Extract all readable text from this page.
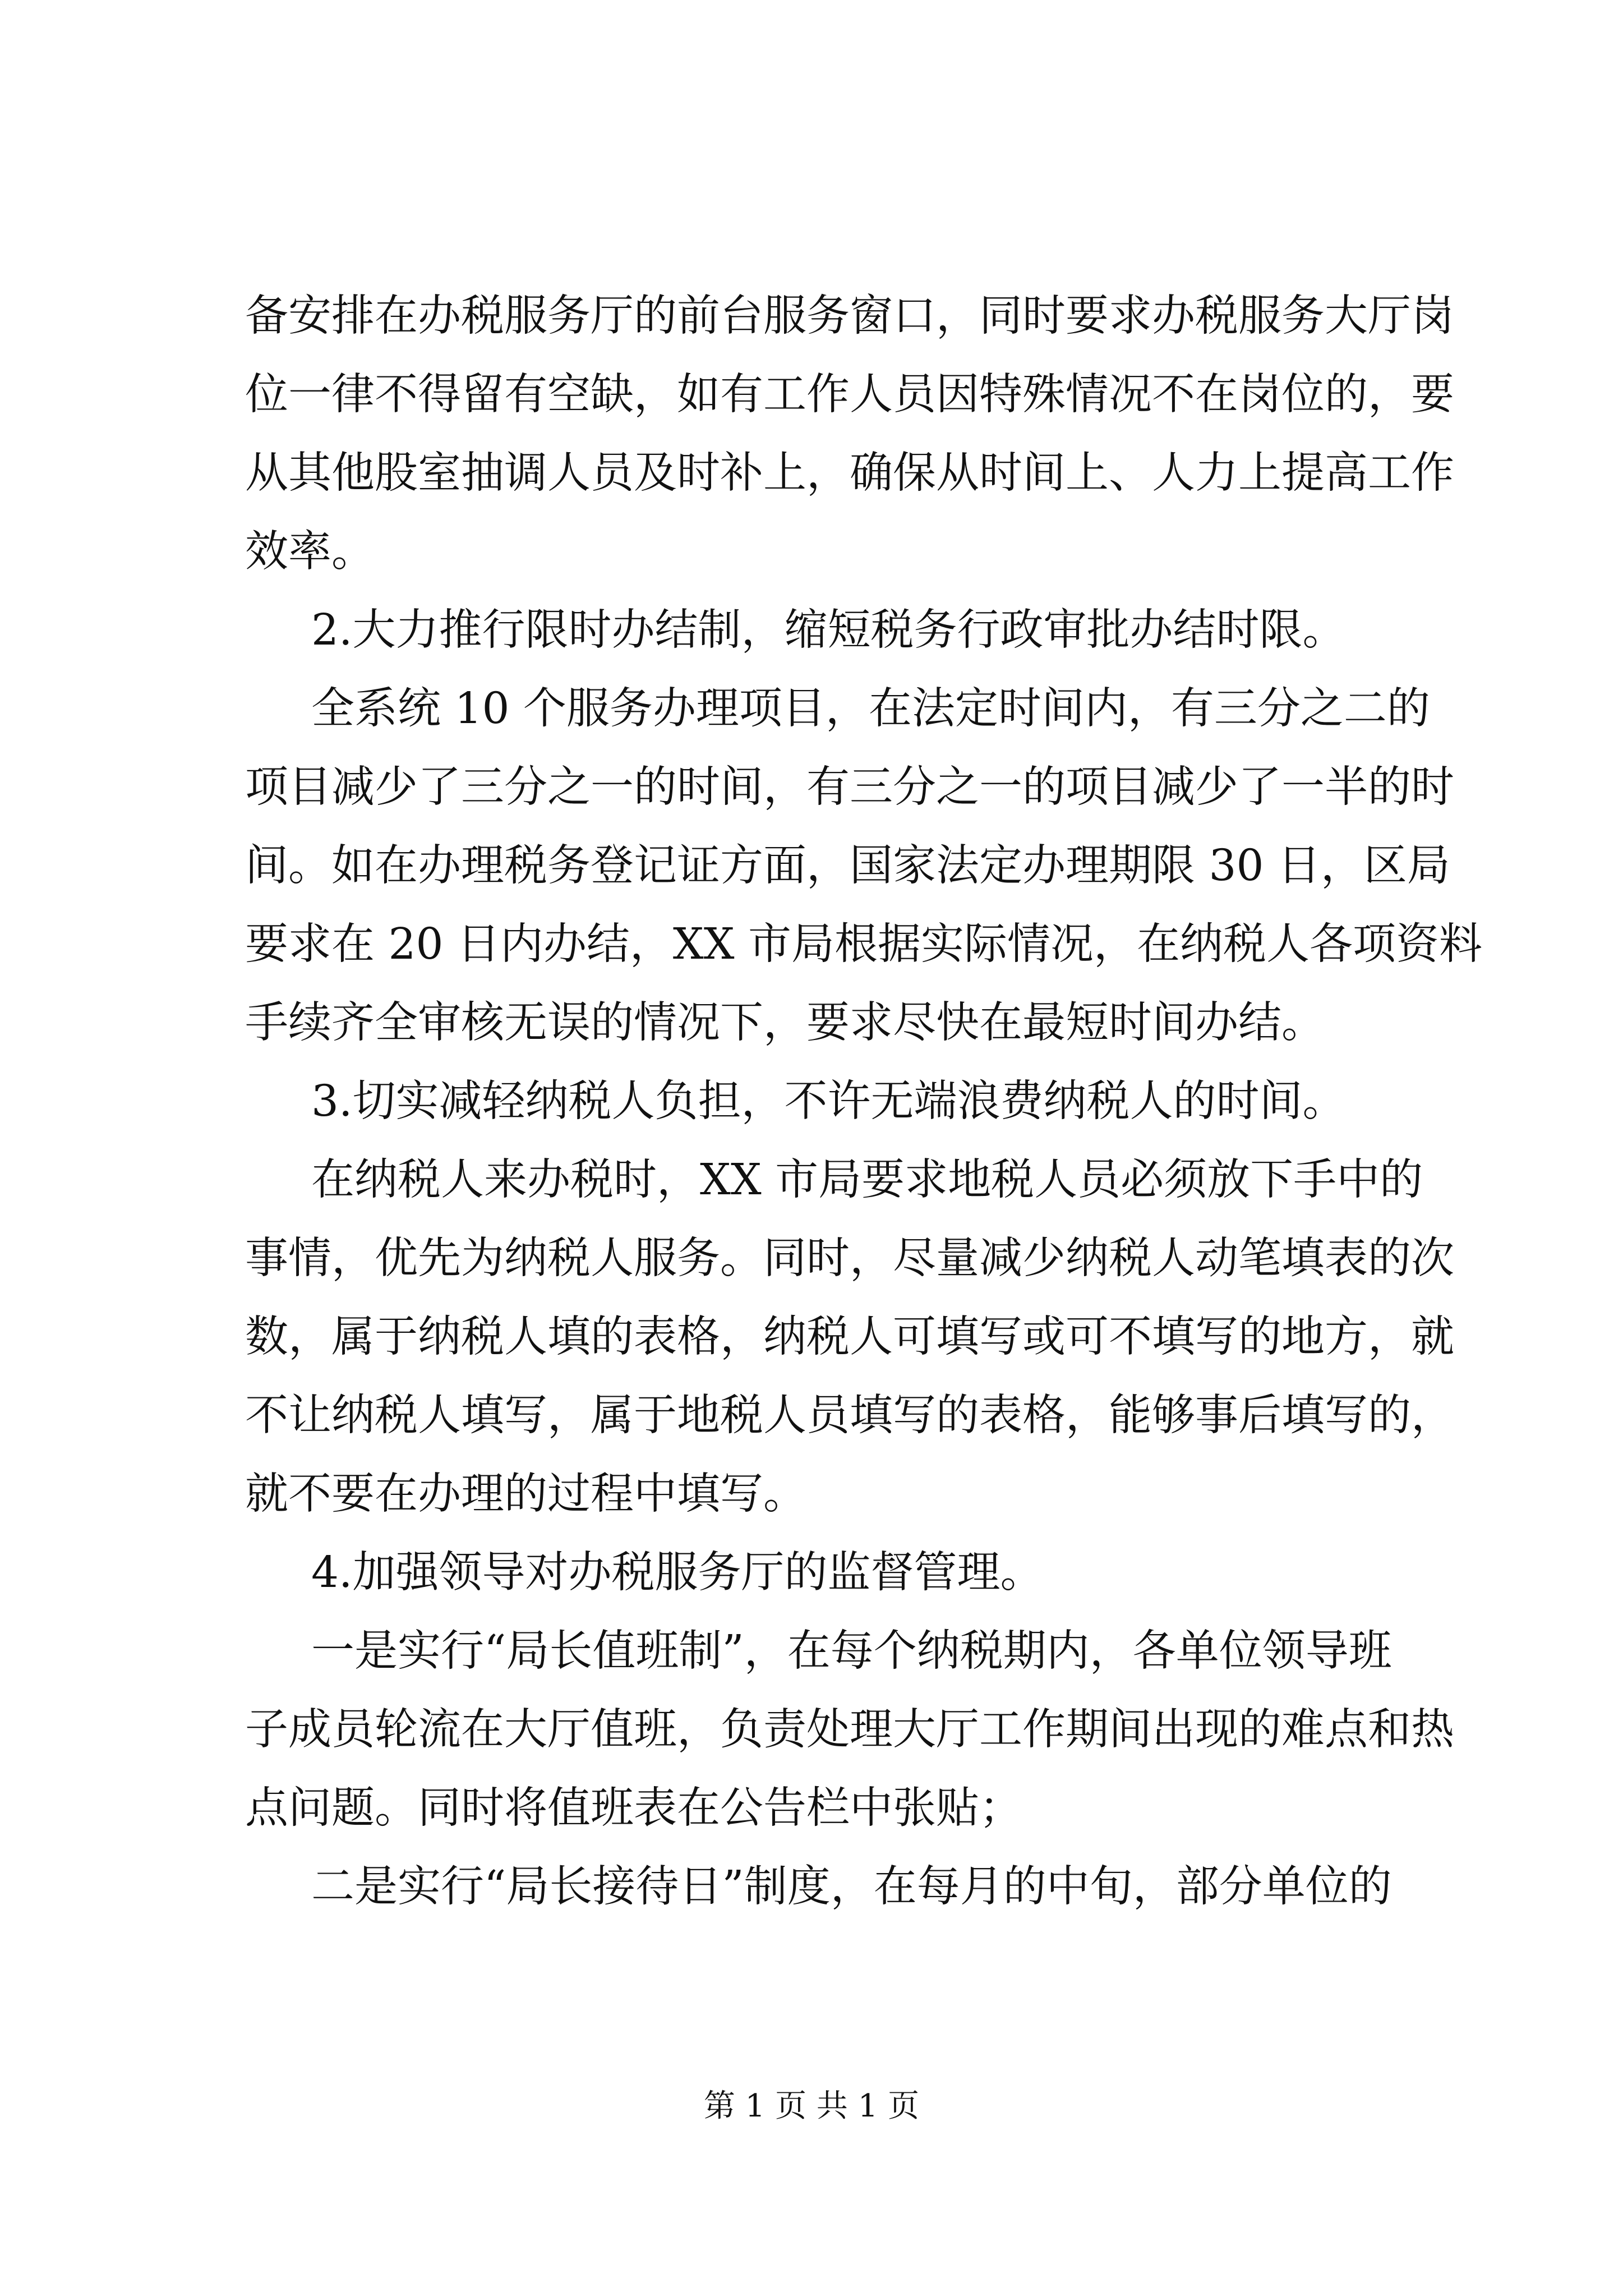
备安排在办税服务厅的前台服务窗口，同时要求办税服务大厅岗
位一律不得留有空缺，如有工作人员因特殊情况不在岗位的，要
从其他股室抽调人员及时补上，确保从时间上、人力上提高工作
效率。
2.大力推行限时办结制，缩短税务行政审批办结时限。
全系统 10 个服务办理项目，在法定时间内，有三分之二的
项目减少了三分之一的时间，有三分之一的项目减少了一半的时
间。如在办理税务登记证方面，国家法定办理期限 30 日，区局
要求在 20 日内办结，XX 市局根据实际情况，在纳税人各项资料
手续齐全审核无误的情况下，要求尽快在最短时间办结。
3.切实减轻纳税人负担，不许无端浪费纳税人的时间。
在纳税人来办税时，XX 市局要求地税人员必须放下手中的
事情，优先为纳税人服务。同时，尽量减少纳税人动笔填表的次
数，属于纳税人填的表格，纳税人可填写或可不填写的地方，就
不让纳税人填写，属于地税人员填写的表格，能够事后填写的，
就不要在办理的过程中填写。
4.加强领导对办税服务厅的监督管理。
一是实行“局长值班制”，在每个纳税期内，各单位领导班
子成员轮流在大厅值班，负责处理大厅工作期间出现的难点和热
点问题。同时将值班表在公告栏中张贴；
二是实行“局长接待日”制度，在每月的中旬，部分单位的
第 1 页 共 1 页
